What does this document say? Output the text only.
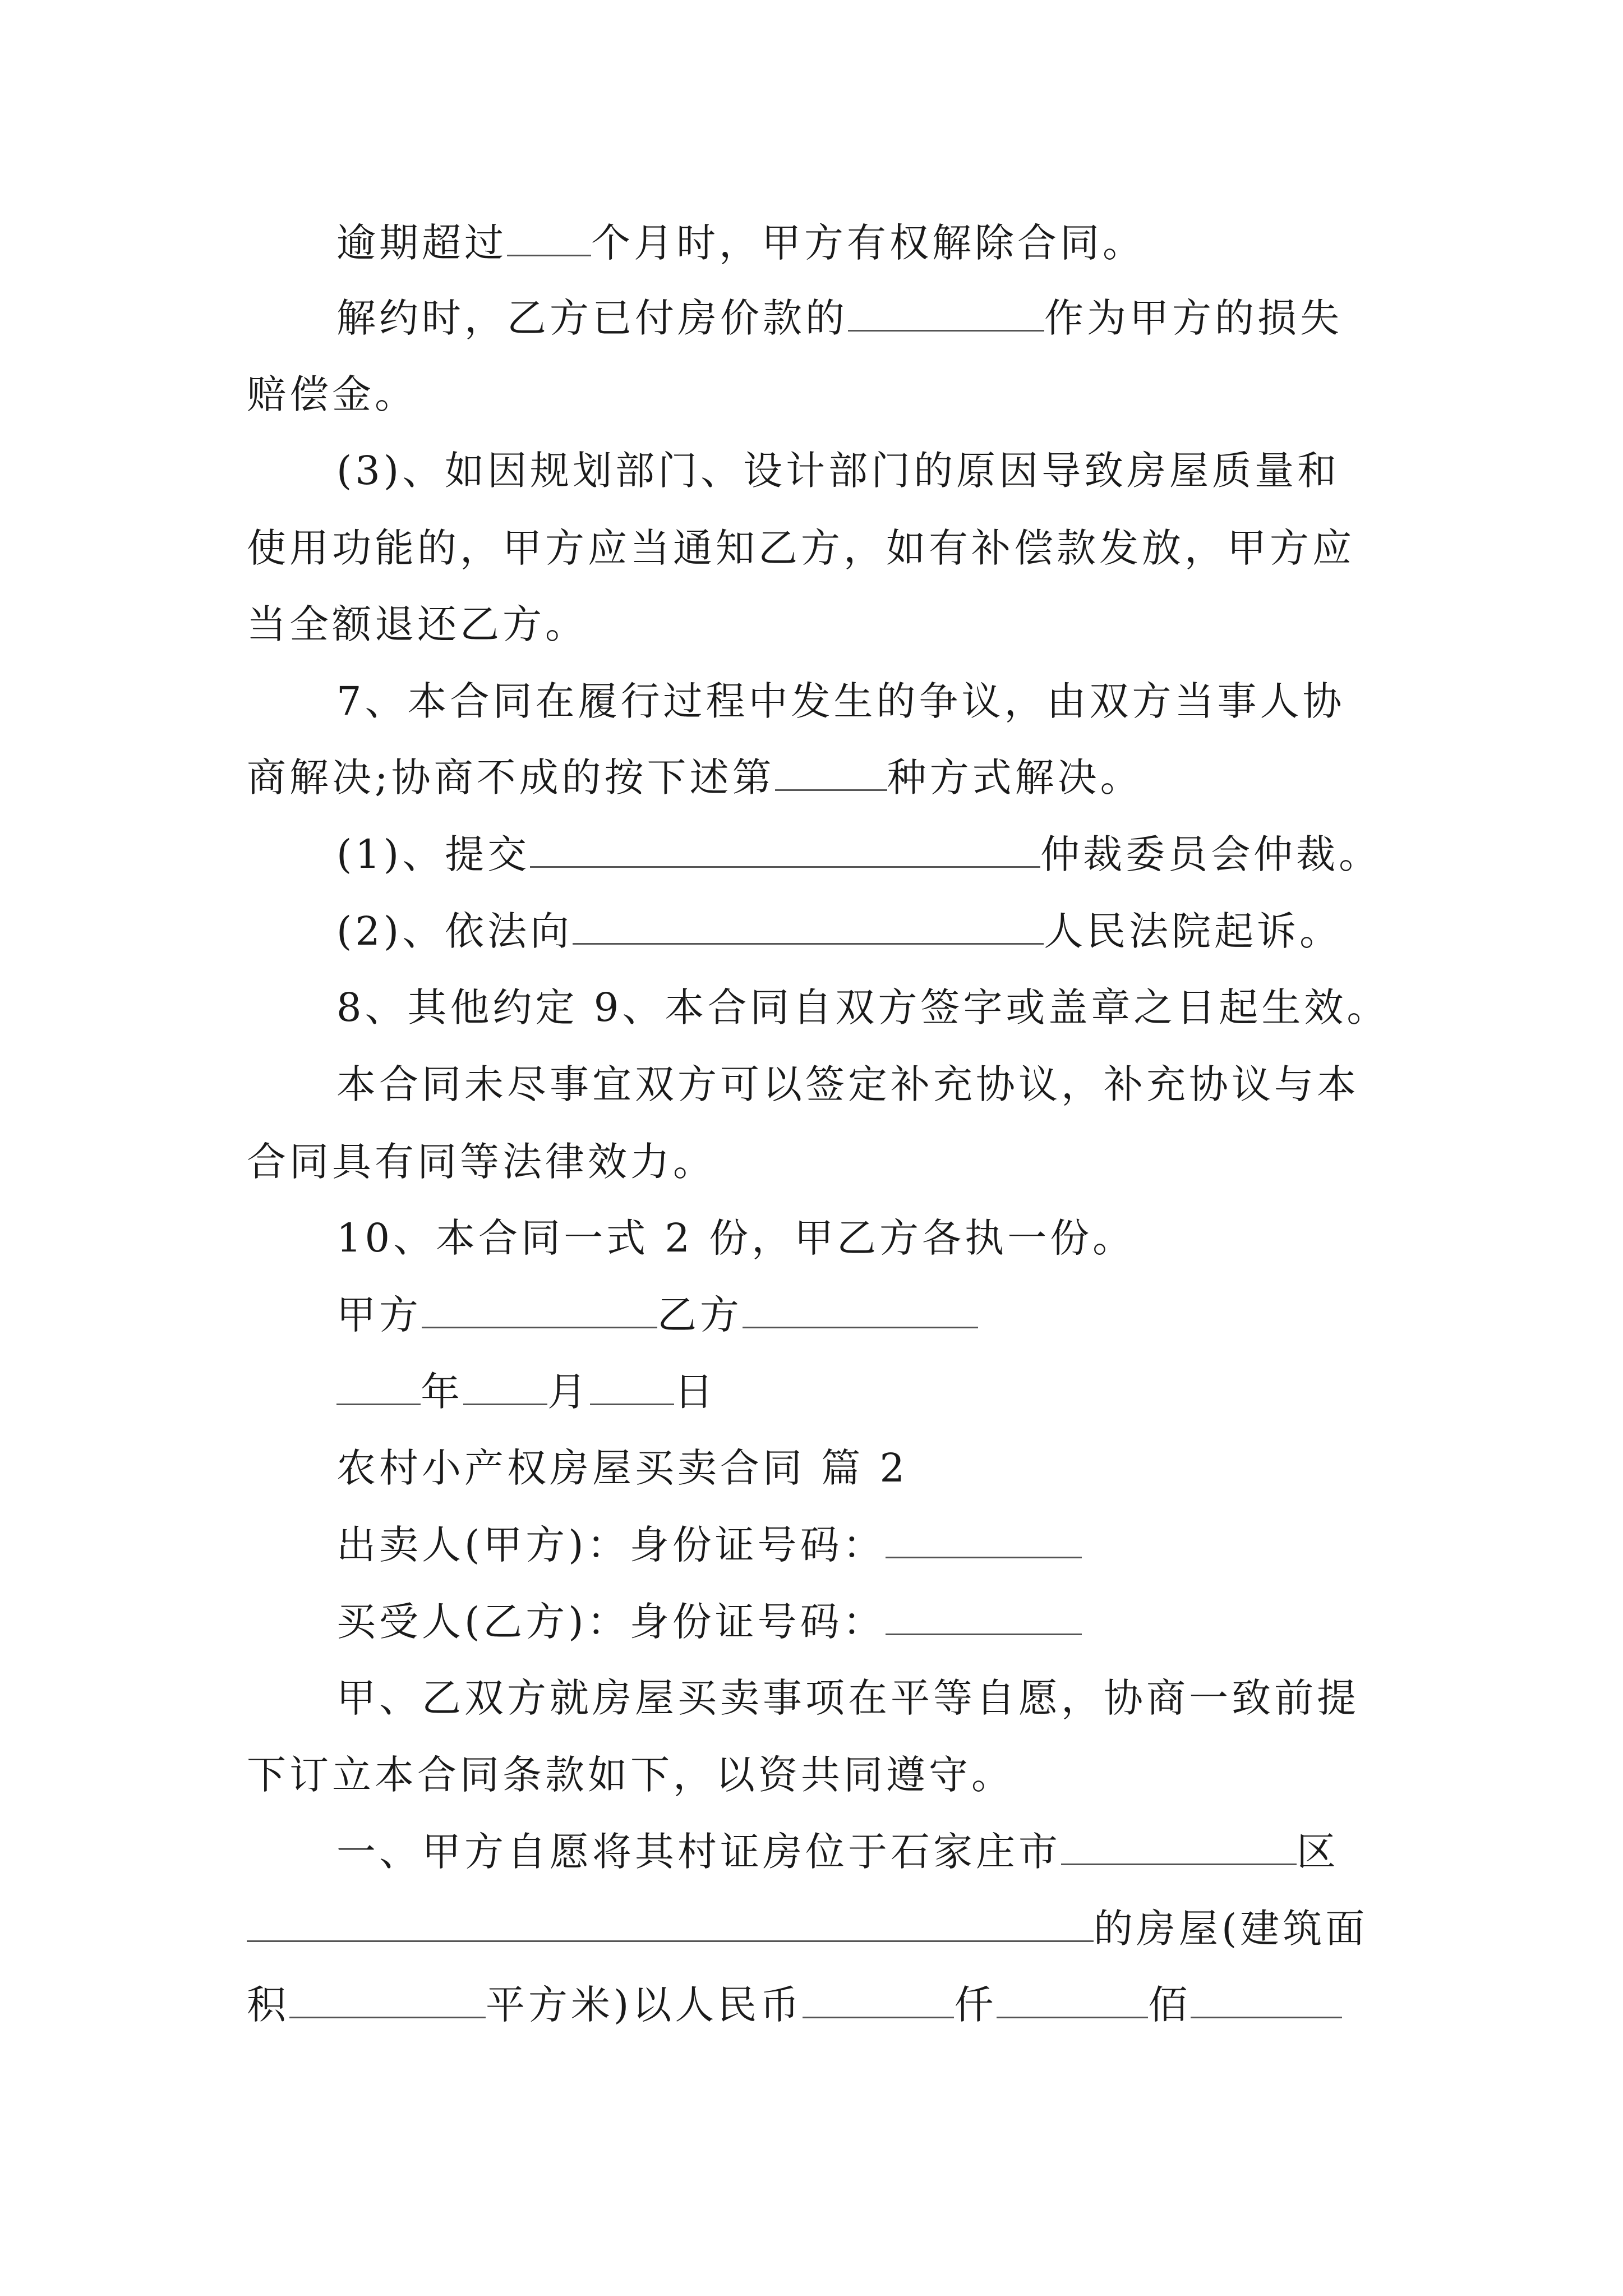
逾期超过 个月时，甲方有权解除合同。
解约时，乙方已付房价款的	作为甲方的损失
赔偿金。
(3)、如因规划部门、设计部门的原因导致房屋质量和
使用功能的，甲方应当通知乙方，如有补偿款发放，甲方应
当全额退还乙方。
7、本合同在履行过程中发生的争议，由双方当事人协
商解决;协商不成的按下述第	种方式解决。
(1)、提交	仲裁委员会仲裁。
(2)、依法向	人民法院起诉。
8、其他约定 9、本合同自双方签字或盖章之日起生效。
本合同未尽事宜双方可以签定补充协议，补充协议与本
合同具有同等法律效力。
10、本合同一式 2 份，甲乙方各执一份。
甲方	乙方
年 月 日
农村小产权房屋买卖合同 篇 2
出卖人(甲方)：身份证号码：
买受人(乙方)：身份证号码：
甲、乙双方就房屋买卖事项在平等自愿，协商一致前提
下订立本合同条款如下，以资共同遵守。
一、甲方自愿将其村证房位于石家庄市	区
的房屋(建筑面
积	平方米)以人民币	仟	佰
